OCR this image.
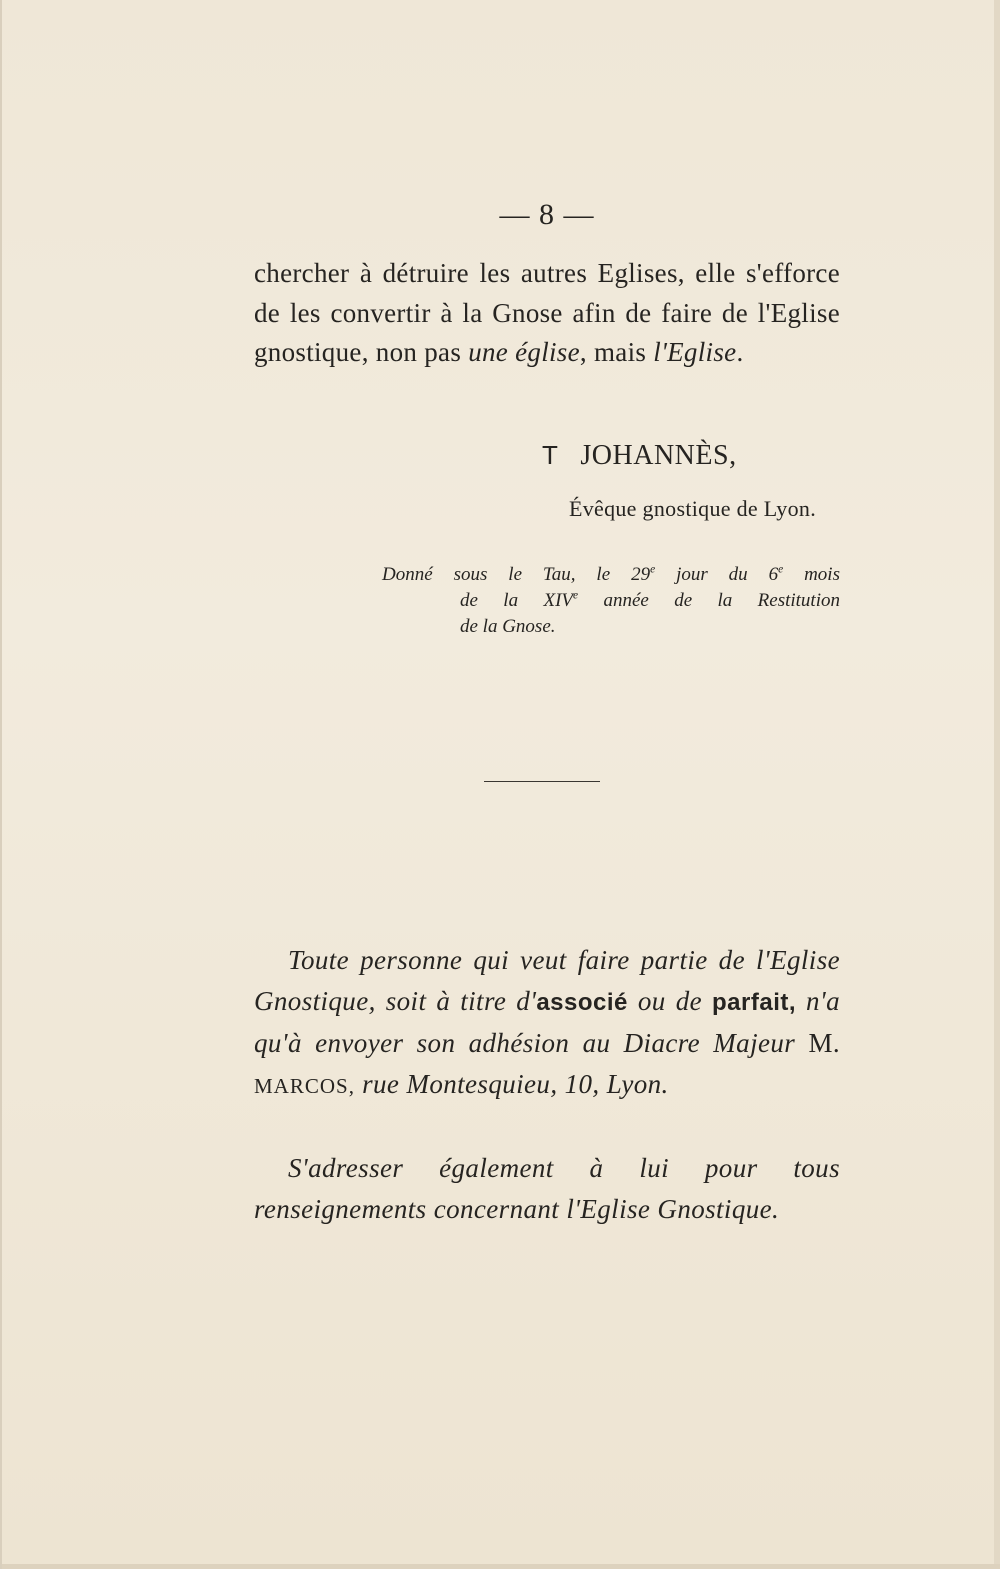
— 8 —

chercher à détruire les autres Eglises, elle s'efforce de les convertir à la Gnose afin de faire de l'Eglise gnostique, non pas une église, mais l'Eglise.

T JOHANNÈS,
Évêque gnostique de Lyon.

Donné sous le Tau, le 29e jour du 6e mois
de la XIVe année de la Restitution
de la Gnose.

Toute personne qui veut faire partie de l'Eglise Gnostique, soit à titre d'associé ou de parfait, n'a qu'à envoyer son adhésion au Diacre Majeur M. MARCOS, rue Montesquieu, 10, Lyon.

S'adresser également à lui pour tous renseignements concernant l'Eglise Gnostique.
